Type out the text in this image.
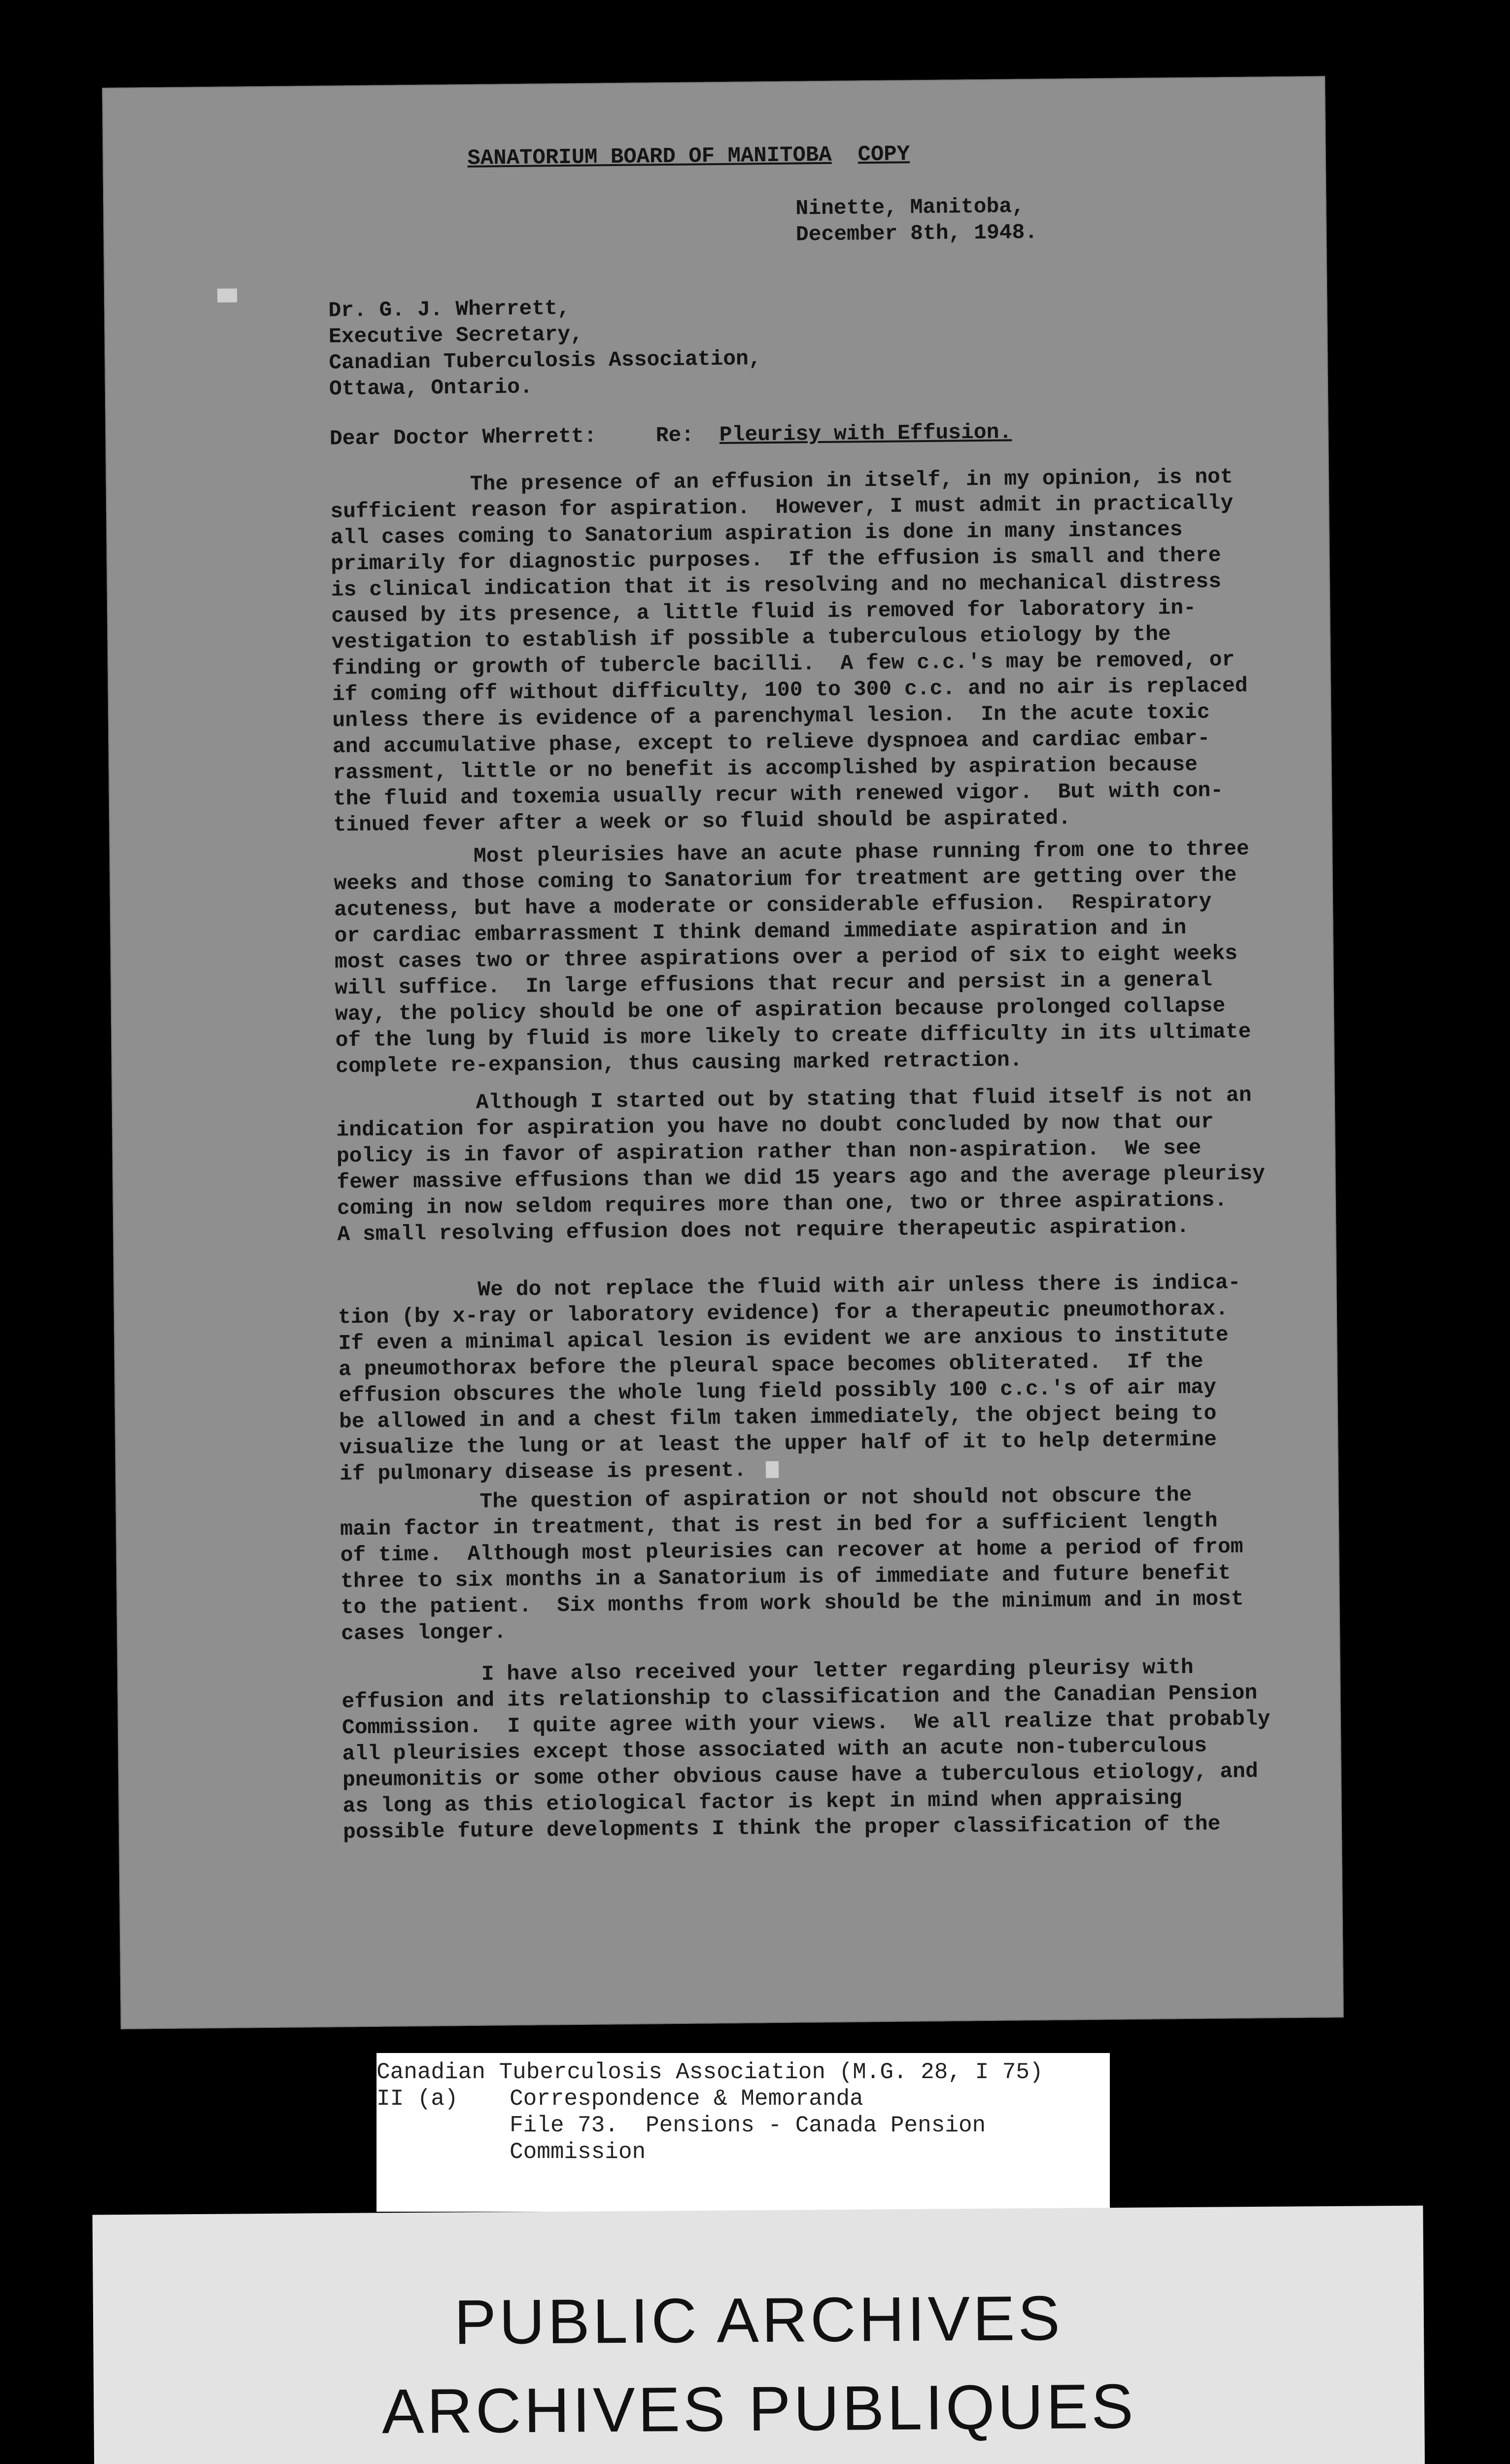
SANATORIUM BOARD OF MANITOBA COPY
Ninette, Manitoba,
December 8th, 1948.
Dr. G. J. Wherrett,
Executive Secretary,
Canadian Tuberculosis Association,
Ottawa, Ontario.
Dear Doctor Wherrett:	Re: Pleurisy with Effusion.
The presence of an effusion in itself, in my opinion, is not
sufficient reason for aspiration.  However, I must admit in practically
all cases coming to Sanatorium aspiration is done in many instances
primarily for diagnostic purposes.  If the effusion is small and there
is clinical indication that it is resolving and no mechanical distress
caused by its presence, a little fluid is removed for laboratory in-
vestigation to establish if possible a tuberculous etiology by the
finding or growth of tubercle bacilli.  A few c.c.'s may be removed, or
if coming off without difficulty, 100 to 300 c.c. and no air is replaced
unless there is evidence of a parenchymal lesion.  In the acute toxic
and accumulative phase, except to relieve dyspnoea and cardiac embar-
rassment, little or no benefit is accomplished by aspiration because
the fluid and toxemia usually recur with renewed vigor.  But with con-
tinued fever after a week or so fluid should be aspirated.
Most pleurisies have an acute phase running from one to three
weeks and those coming to Sanatorium for treatment are getting over the
acuteness, but have a moderate or considerable effusion.  Respiratory
or cardiac embarrassment I think demand immediate aspiration and in
most cases two or three aspirations over a period of six to eight weeks
will suffice.  In large effusions that recur and persist in a general
way, the policy should be one of aspiration because prolonged collapse
of the lung by fluid is more likely to create difficulty in its ultimate
complete re-expansion, thus causing marked retraction.
Although I started out by stating that fluid itself is not an
indication for aspiration you have no doubt concluded by now that our
policy is in favor of aspiration rather than non-aspiration.  We see
fewer massive effusions than we did 15 years ago and the average pleurisy
coming in now seldom requires more than one, two or three aspirations.
A small resolving effusion does not require therapeutic aspiration.
We do not replace the fluid with air unless there is indica-
tion (by x-ray or laboratory evidence) for a therapeutic pneumothorax.
If even a minimal apical lesion is evident we are anxious to institute
a pneumothorax before the pleural space becomes obliterated.  If the
effusion obscures the whole lung field possibly 100 c.c.'s of air may
be allowed in and a chest film taken immediately, the object being to
visualize the lung or at least the upper half of it to help determine
if pulmonary disease is present.
The question of aspiration or not should not obscure the
main factor in treatment, that is rest in bed for a sufficient length
of time.  Although most pleurisies can recover at home a period of from
three to six months in a Sanatorium is of immediate and future benefit
to the patient.  Six months from work should be the minimum and in most
cases longer.
I have also received your letter regarding pleurisy with
effusion and its relationship to classification and the Canadian Pension
Commission.  I quite agree with your views.  We all realize that probably
all pleurisies except those associated with an acute non-tuberculous
pneumonitis or some other obvious cause have a tuberculous etiology, and
as long as this etiological factor is kept in mind when appraising
possible future developments I think the proper classification of the
Canadian Tuberculosis Association (M.G. 28, I 75)
II (a) Correspondence & Memoranda
File 73.  Pensions - Canada Pension
Commission
PUBLIC ARCHIVES
ARCHIVES PUBLIQUES
